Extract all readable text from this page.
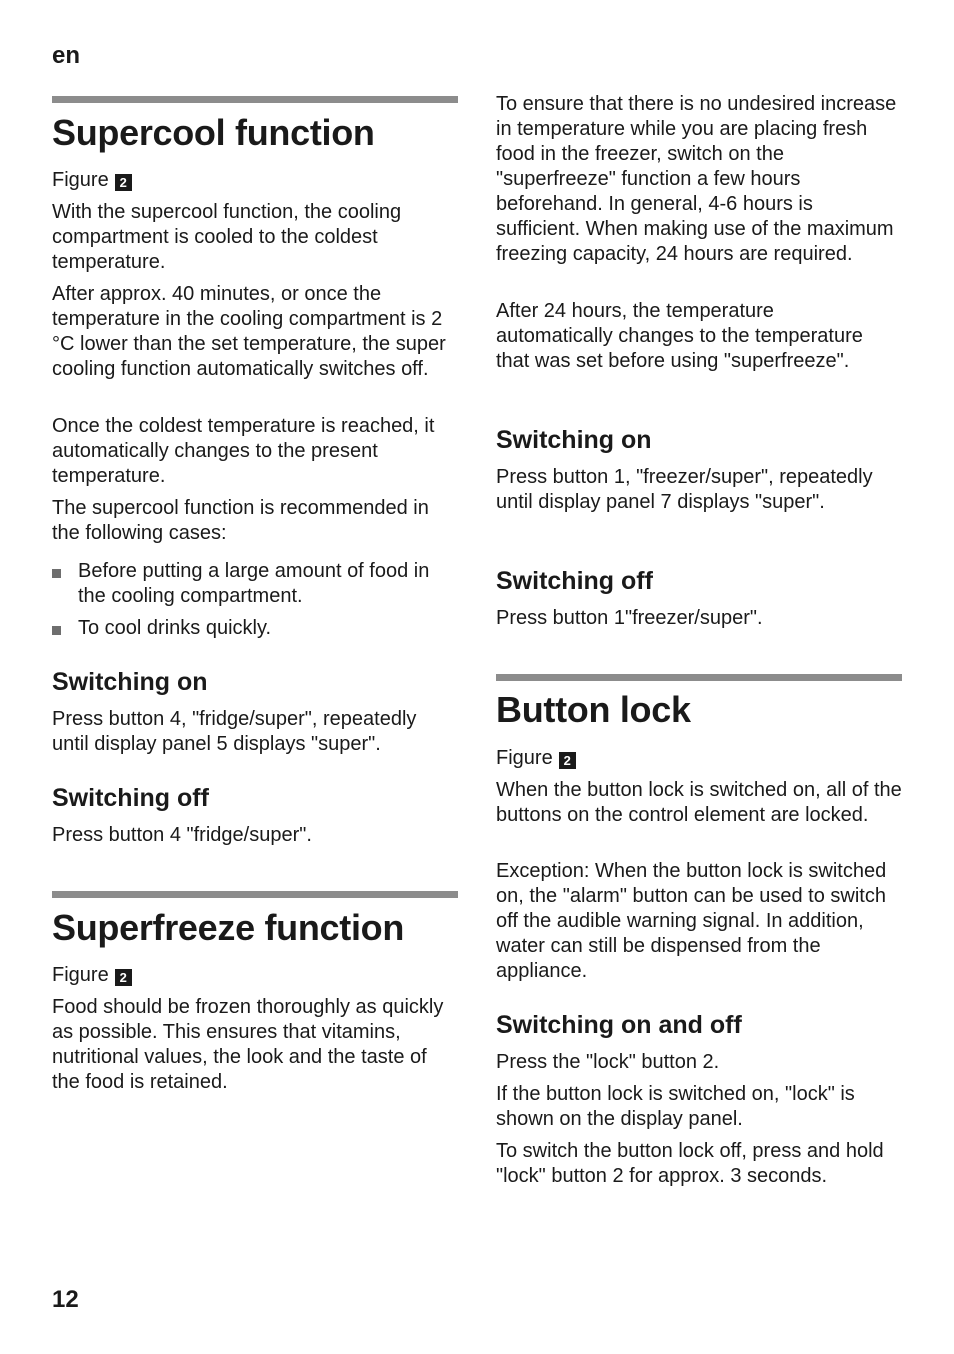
en
Supercool function
Figure 2

With the supercool function, the cooling compartment is cooled to the coldest temperature.

After approx. 40 minutes, or once the temperature in the cooling compartment is 2 °C lower than the set temperature, the super cooling function automatically switches off.

Once the coldest temperature is reached, it automatically changes to the present temperature.

The supercool function is recommended in the following cases:

Before putting a large amount of food in the cooling compartment.
To cool drinks quickly.
Switching on

Press button 4, "fridge/super", repeatedly until display panel 5 displays "super".

Switching off

Press button 4 "fridge/super".

Superfreeze function
Figure 2

Food should be frozen thoroughly as quickly as possible. This ensures that vitamins, nutritional values, the look and the taste of the food is retained.

To ensure that there is no undesired increase in temperature while you are placing fresh food in the freezer, switch on the "superfreeze" function a few hours beforehand. In general, 4-6 hours is sufficient. When making use of the maximum freezing capacity, 24 hours are required.

After 24 hours, the temperature automatically changes to the temperature that was set before using "superfreeze".

Switching on

Press button 1, "freezer/super", repeatedly until display panel 7 displays "super".

Switching off

Press button 1"freezer/super".

Button lock
Figure 2

When the button lock is switched on, all of the buttons on the control element are locked.

Exception: When the button lock is switched on, the "alarm" button can be used to switch off the audible warning signal. In addition, water can still be dispensed from the appliance.

Switching on and off

Press the "lock" button 2.

If the button lock is switched on, "lock" is shown on the display panel.

To switch the button lock off, press and hold "lock" button 2 for approx. 3 seconds.

12
